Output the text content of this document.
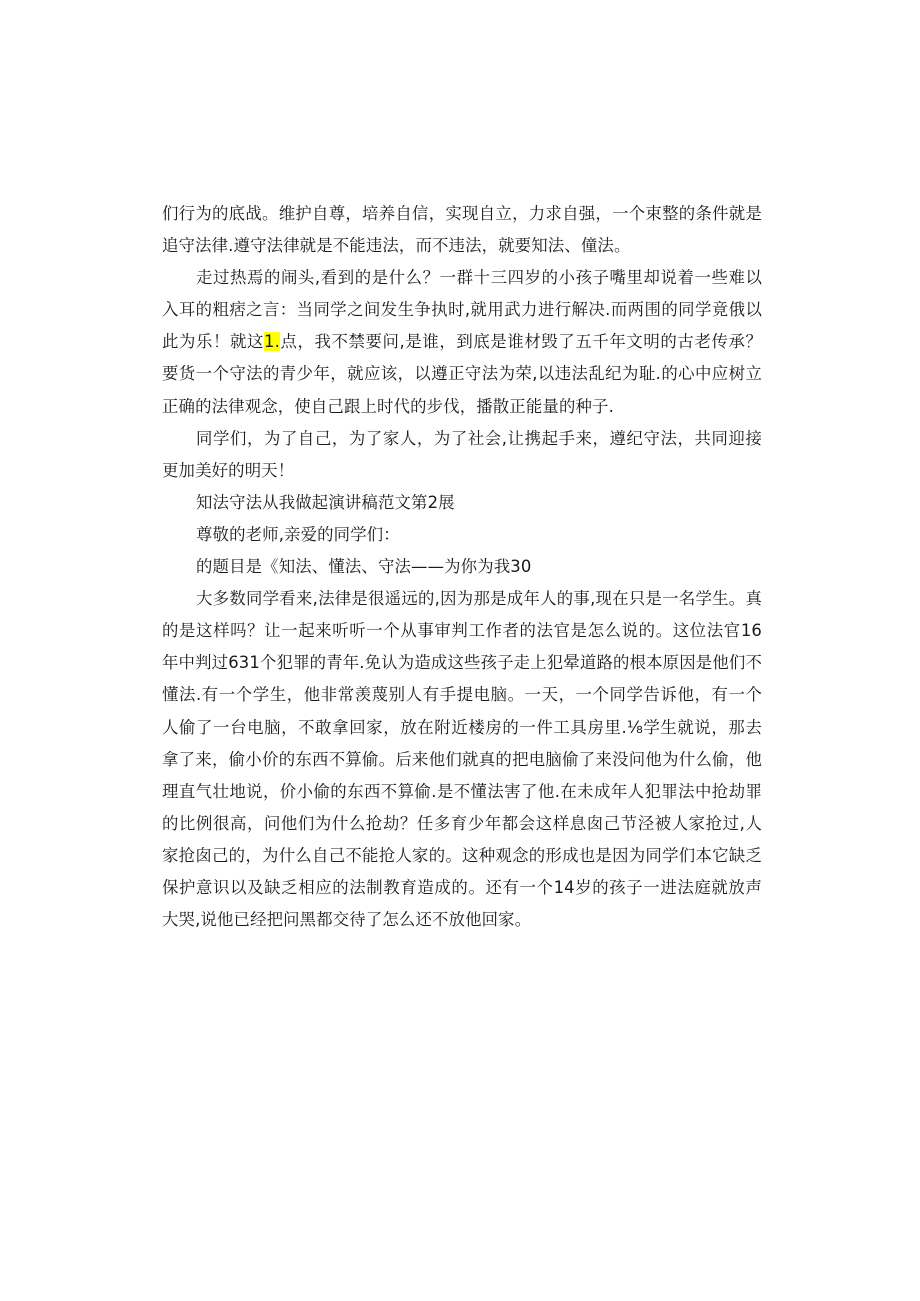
们行为的底战。维护自尊，培养自信，实现自立，力求自强，一个束整的条件就是追守法律.遵守法律就是不能违法，而不违法，就要知法、僮法。

走过热焉的闹头,看到的是什么？一群十三四岁的小孩子嘴里却说着一些难以入耳的粗痞之言：当同学之间发生争执时,就用武力进行解决.而两围的同学竟俄以此为乐！就这1.点，我不禁要问,是谁，到底是谁材毁了五千年文明的古老传承？要货一个守法的青少年，就应该，以遵正守法为荣,以违法乱纪为耻.的心中应树立正确的法律观念，使自己跟上时代的步伐，播散正能量的种子.

同学们，为了自己，为了家人，为了社会,让携起手来，遵纪守法，共同迎接更加美好的明天！

知法守法从我做起演讲稿范文第2展

尊敬的老师,亲爱的同学们：

的题目是《知法、懂法、守法——为你为我30

大多数同学看来,法律是很遥远的,因为那是成年人的事,现在只是一名学生。真的是这样吗？让一起来听听一个从事审判工作者的法官是怎么说的。这位法官16年中判过631个犯罪的青年.免认为造成这些孩子走上犯晕道路的根本原因是他们不懂法.有一个学生，他非常羡蔑别人有手提电脑。一天，一个同学告诉他，有一个人偷了一台电脑，不敢拿回家，放在附近楼房的一件工具房里.⅛学生就说，那去拿了来，偷小价的东西不算偷。后来他们就真的把电脑偷了来没问他为什么偷，他理直气壮地说，价小偷的东西不算偷.是不懂法害了他.在未成年人犯罪法中抢劫罪的比例很高，问他们为什么抢劫？任多育少年都会这样息囱己节泾被人家抢过,人家抢囱己的，为什么自己不能抢人家的。这种观念的形成也是因为同学们本它缺乏保护意识以及缺乏相应的法制教育造成的。还有一个14岁的孩子一进法庭就放声大哭,说他已经把问黑都交待了怎么还不放他回家。
